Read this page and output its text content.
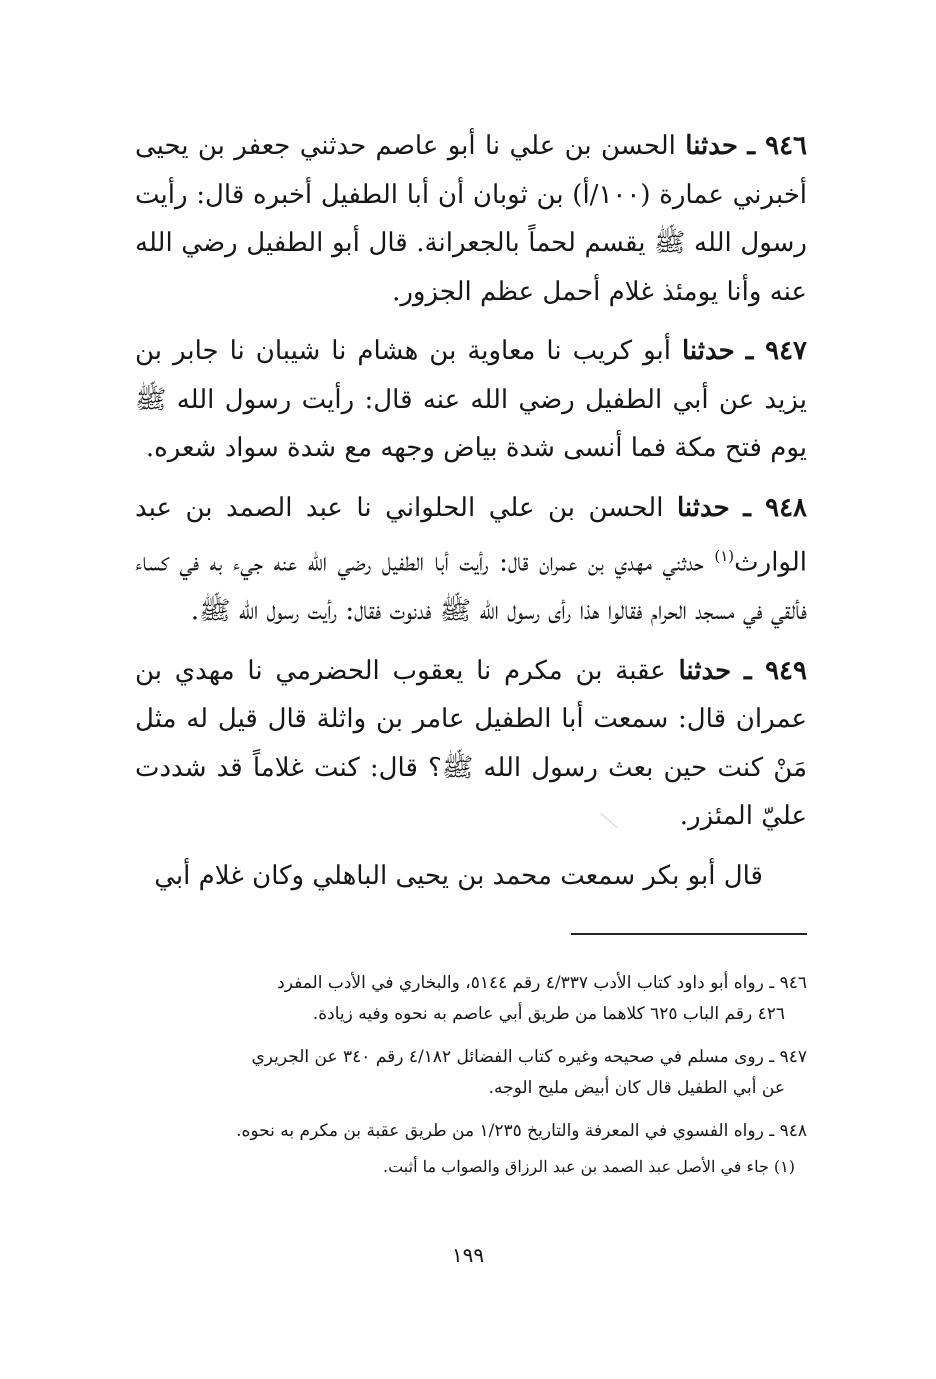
٩٤٦ ـ حدثنا الحسن بن علي نا أبو عاصم حدثني جعفر بن يحيى أخبرني عمارة (١٠٠/أ) بن ثوبان أن أبا الطفيل أخبره قال: رأيت رسول الله ﷺ يقسم لحماً بالجعرانة. قال أبو الطفيل رضي الله عنه وأنا يومئذ غلام أحمل عظم الجزور.

٩٤٧ ـ حدثنا أبو كريب نا معاوية بن هشام نا شيبان نا جابر بن يزيد عن أبي الطفيل رضي الله عنه قال: رأيت رسول الله ﷺ يوم فتح مكة فما أنسى شدة بياض وجهه مع شدة سواد شعره.

٩٤٨ ـ حدثنا الحسن بن علي الحلواني نا عبد الصمد بن عبد الوارث$^{(١)}$ حدثني مهدي بن عمران قال: رأيت أبا الطفيل رضي الله عنه جيء به في كساء فألقي في مسجد الحرام فقالوا هذا رأى رسول الله ﷺ فدنوت فقال: رأيت رسول الله ﷺ.

٩٤٩ ـ حدثنا عقبة بن مكرم نا يعقوب الحضرمي نا مهدي بن عمران قال: سمعت أبا الطفيل عامر بن واثلة قال قيل له مثل مَنْ كنت حين بعث رسول الله ﷺ؟ قال: كنت غلاماً قد شددت عليّ المئزر.

قال أبو بكر سمعت محمد بن يحيى الباهلي وكان غلام أبي

٩٤٦ ـ رواه أبو داود كتاب الأدب ٤/٣٣٧ رقم ٥١٤٤، والبخاري في الأدب المفرد
٤٢٦ رقم الباب ٦٢٥ كلاهما من طريق أبي عاصم به نحوه وفيه زيادة.

٩٤٧ ـ روى مسلم في صحيحه وغيره كتاب الفضائل ٤/١٨٢ رقم ٣٤٠ عن الجريري
عن أبي الطفيل قال كان أبيض مليح الوجه.

٩٤٨ ـ رواه الفسوي في المعرفة والتاريخ ١/٢٣٥ من طريق عقبة بن مكرم به نحوه.

(١) جاء في الأصل عبد الصمد بن عبد الرزاق والصواب ما أثبت.

١٩٩
